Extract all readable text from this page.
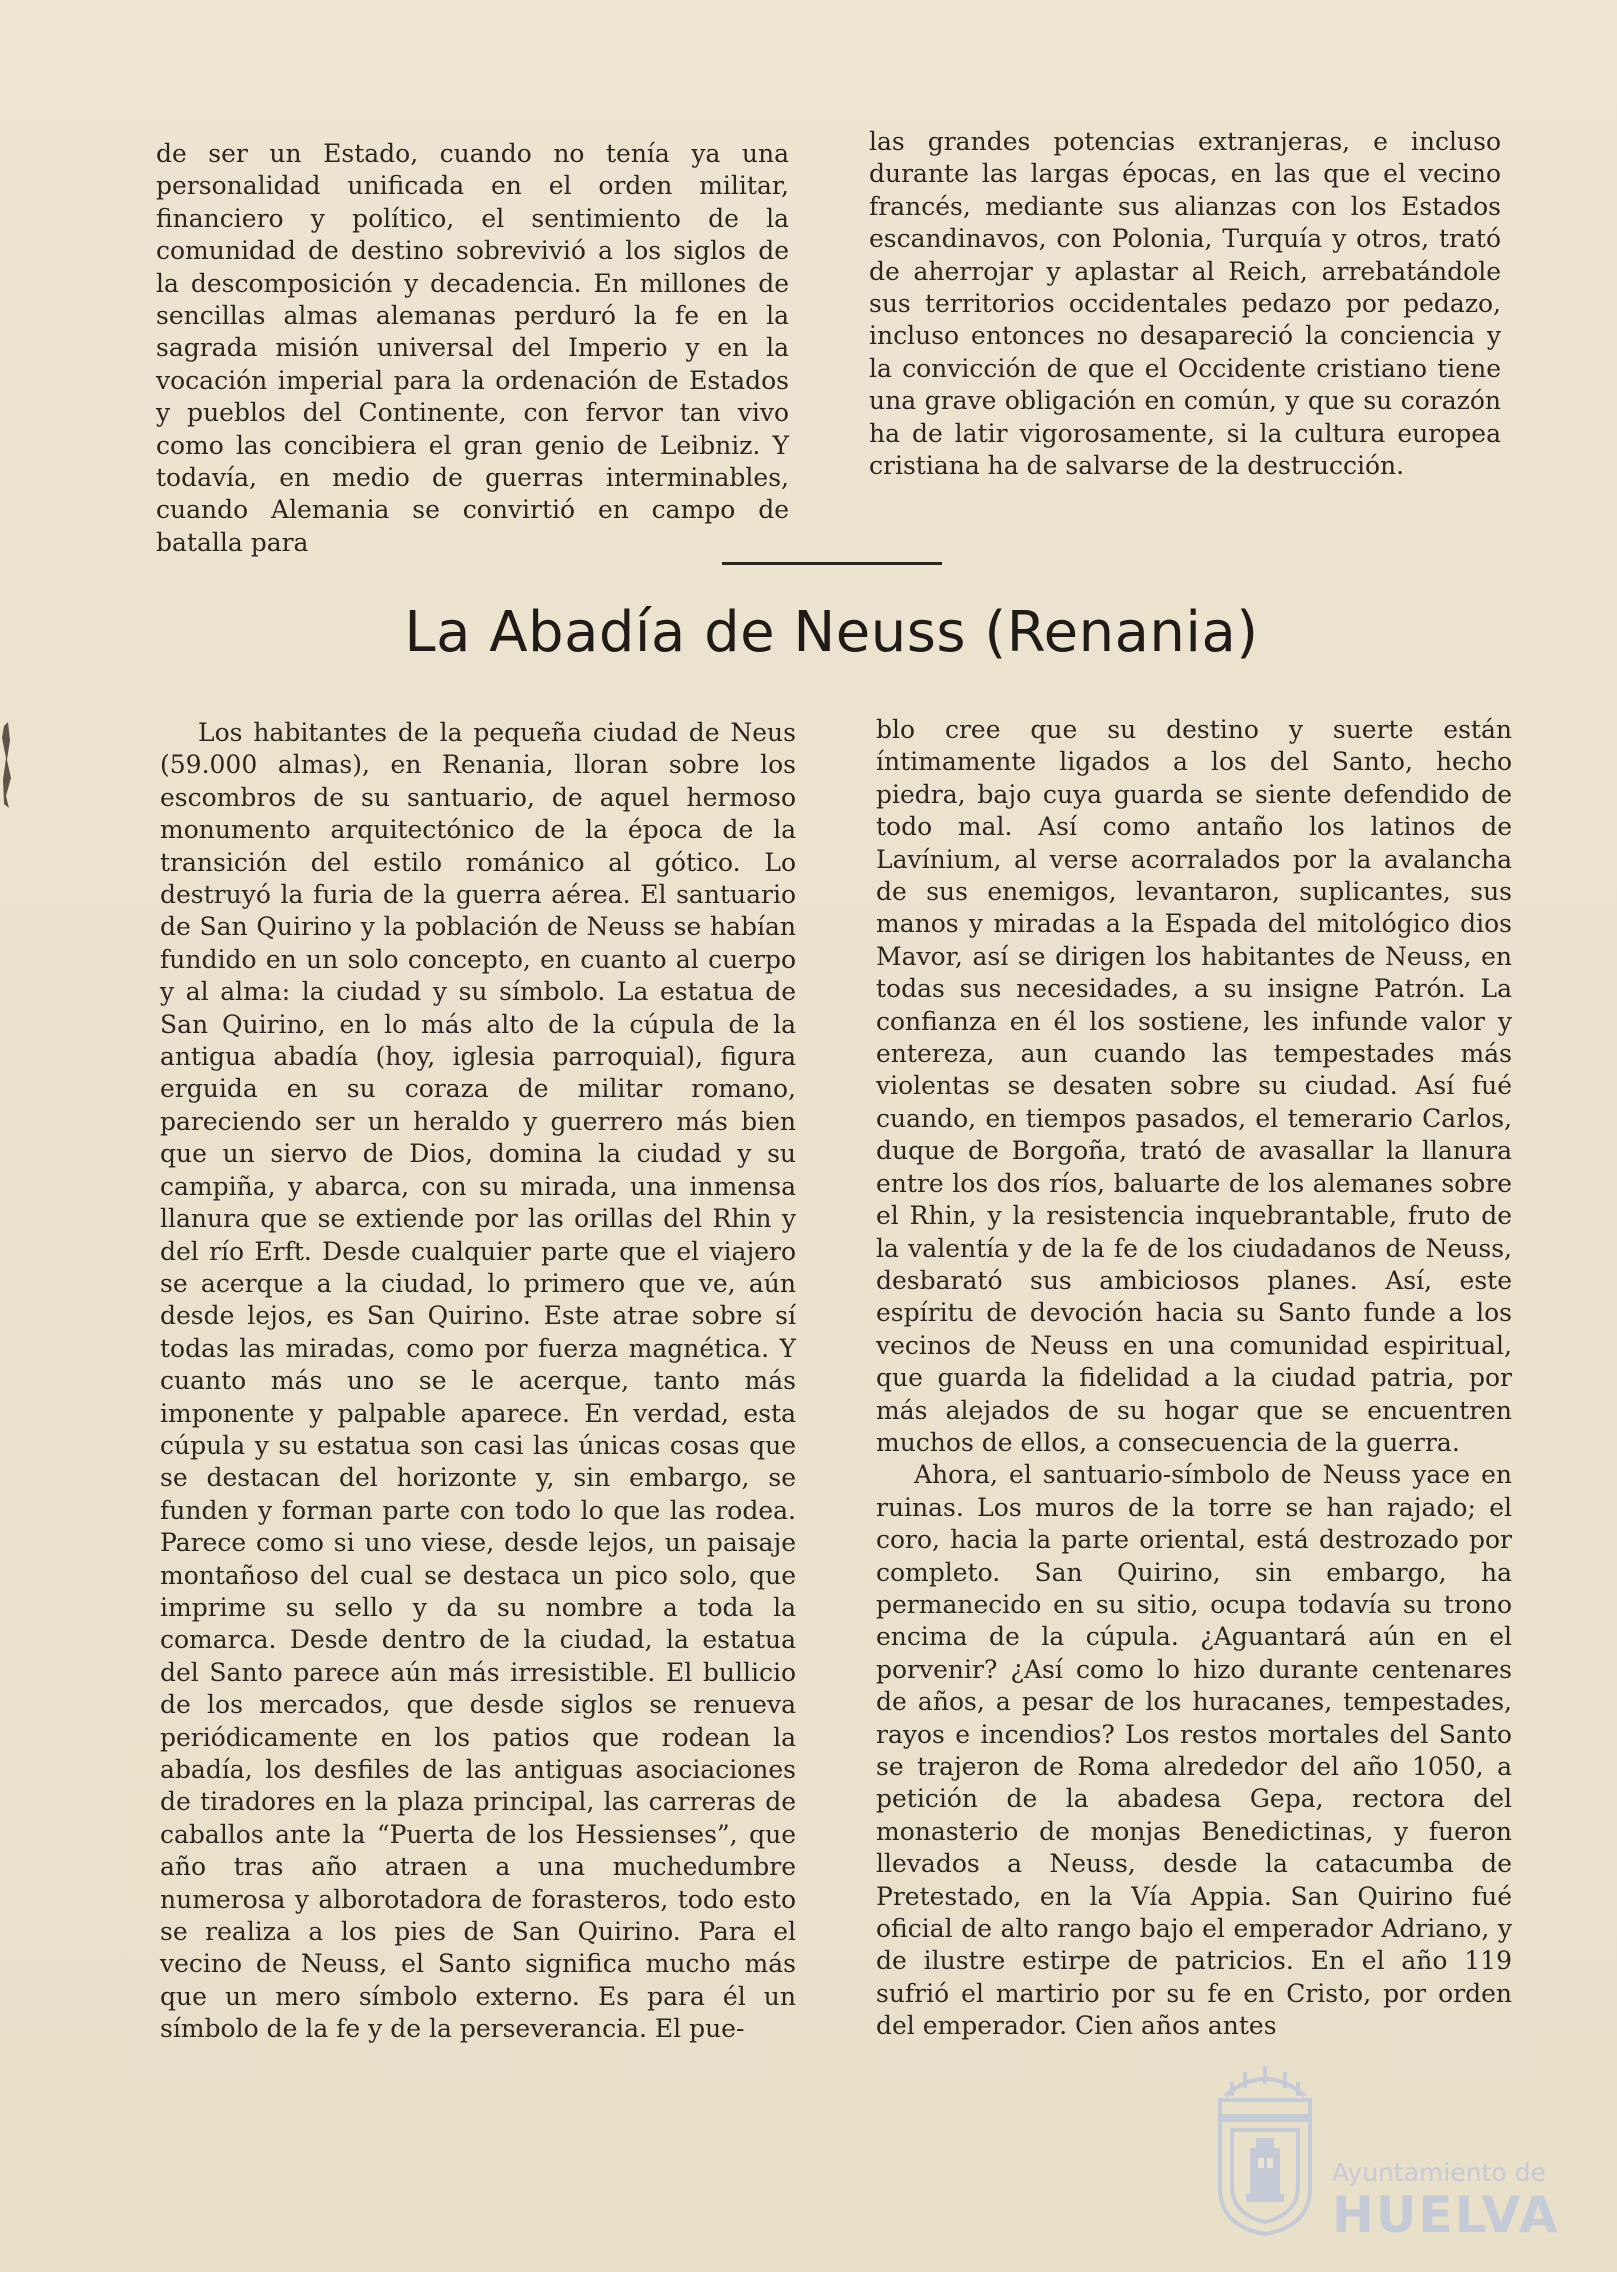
de ser un Estado, cuando no tenía ya una personalidad unificada en el orden militar, financiero y político, el sentimiento de la comunidad de destino sobrevivió a los siglos de la descomposición y decadencia. En millones de sencillas almas alemanas perduró la fe en la sagrada misión universal del Imperio y en la vocación imperial para la ordenación de Estados y pueblos del Continente, con fervor tan vivo como las concibiera el gran genio de Leibniz. Y todavía, en medio de guerras interminables, cuando Alemania se convirtió en campo de batalla para

las grandes potencias extranjeras, e incluso durante las largas épocas, en las que el vecino francés, mediante sus alianzas con los Estados escandinavos, con Polonia, Turquía y otros, trató de aherrojar y aplastar al Reich, arrebatándole sus territorios occidentales pedazo por pedazo, incluso entonces no desapareció la conciencia y la convicción de que el Occidente cristiano tiene una grave obligación en común, y que su corazón ha de latir vigorosamente, si la cultura europea cristiana ha de salvarse de la destrucción.

La Abadía de Neuss (Renania)

Los habitantes de la pequeña ciudad de Neus (59.000 almas), en Renania, lloran sobre los escombros de su santuario, de aquel hermoso monumento arquitectónico de la época de la transición del estilo románico al gótico. Lo destruyó la furia de la guerra aérea. El santuario de San Quirino y la población de Neuss se habían fundido en un solo concepto, en cuanto al cuerpo y al alma: la ciudad y su símbolo. La estatua de San Quirino, en lo más alto de la cúpula de la antigua abadía (hoy, iglesia parroquial), figura erguida en su coraza de militar romano, pareciendo ser un heraldo y guerrero más bien que un siervo de Dios, domina la ciudad y su campiña, y abarca, con su mirada, una inmensa llanura que se extiende por las orillas del Rhin y del río Erft. Desde cualquier parte que el viajero se acerque a la ciudad, lo primero que ve, aún desde lejos, es San Quirino. Este atrae sobre sí todas las miradas, como por fuerza magnética. Y cuanto más uno se le acerque, tanto más imponente y palpable aparece. En verdad, esta cúpula y su estatua son casi las únicas cosas que se destacan del horizonte y, sin embargo, se funden y forman parte con todo lo que las rodea. Parece como si uno viese, desde lejos, un paisaje montañoso del cual se destaca un pico solo, que imprime su sello y da su nombre a toda la comarca. Desde dentro de la ciudad, la estatua del Santo parece aún más irresistible. El bullicio de los mercados, que desde siglos se renueva periódicamente en los patios que rodean la abadía, los desfiles de las antiguas asociaciones de tiradores en la plaza principal, las carreras de caballos ante la “Puerta de los Hessienses”, que año tras año atraen a una muchedumbre numerosa y alborotadora de forasteros, todo esto se realiza a los pies de San Quirino. Para el vecino de Neuss, el Santo significa mucho más que un mero símbolo externo. Es para él un símbolo de la fe y de la perseverancia. El pue-

blo cree que su destino y suerte están íntimamente ligados a los del Santo, hecho piedra, bajo cuya guarda se siente defendido de todo mal. Así como antaño los latinos de Lavínium, al verse acorralados por la avalancha de sus enemigos, levantaron, suplicantes, sus manos y miradas a la Espada del mitológico dios Mavor, así se dirigen los habitantes de Neuss, en todas sus necesidades, a su insigne Patrón. La confianza en él los sostiene, les infunde valor y entereza, aun cuando las tempestades más violentas se desaten sobre su ciudad. Así fué cuando, en tiempos pasados, el temerario Carlos, duque de Borgoña, trató de avasallar la llanura entre los dos ríos, baluarte de los alemanes sobre el Rhin, y la resistencia inquebrantable, fruto de la valentía y de la fe de los ciudadanos de Neuss, desbarató sus ambiciosos planes. Así, este espíritu de devoción hacia su Santo funde a los vecinos de Neuss en una comunidad espiritual, que guarda la fidelidad a la ciudad patria, por más alejados de su hogar que se encuentren muchos de ellos, a consecuencia de la guerra.

Ahora, el santuario-símbolo de Neuss yace en ruinas. Los muros de la torre se han rajado; el coro, hacia la parte oriental, está destrozado por completo. San Quirino, sin embargo, ha permanecido en su sitio, ocupa todavía su trono encima de la cúpula. ¿Aguantará aún en el porvenir? ¿Así como lo hizo durante centenares de años, a pesar de los huracanes, tempestades, rayos e incendios? Los restos mortales del Santo se trajeron de Roma alrededor del año 1050, a petición de la abadesa Gepa, rectora del monasterio de monjas Benedictinas, y fueron llevados a Neuss, desde la catacumba de Pretestado, en la Vía Appia. San Quirino fué oficial de alto rango bajo el emperador Adriano, y de ilustre estirpe de patricios. En el año 119 sufrió el martirio por su fe en Cristo, por orden del emperador. Cien años antes

Ayuntamiento de
HUELVA
